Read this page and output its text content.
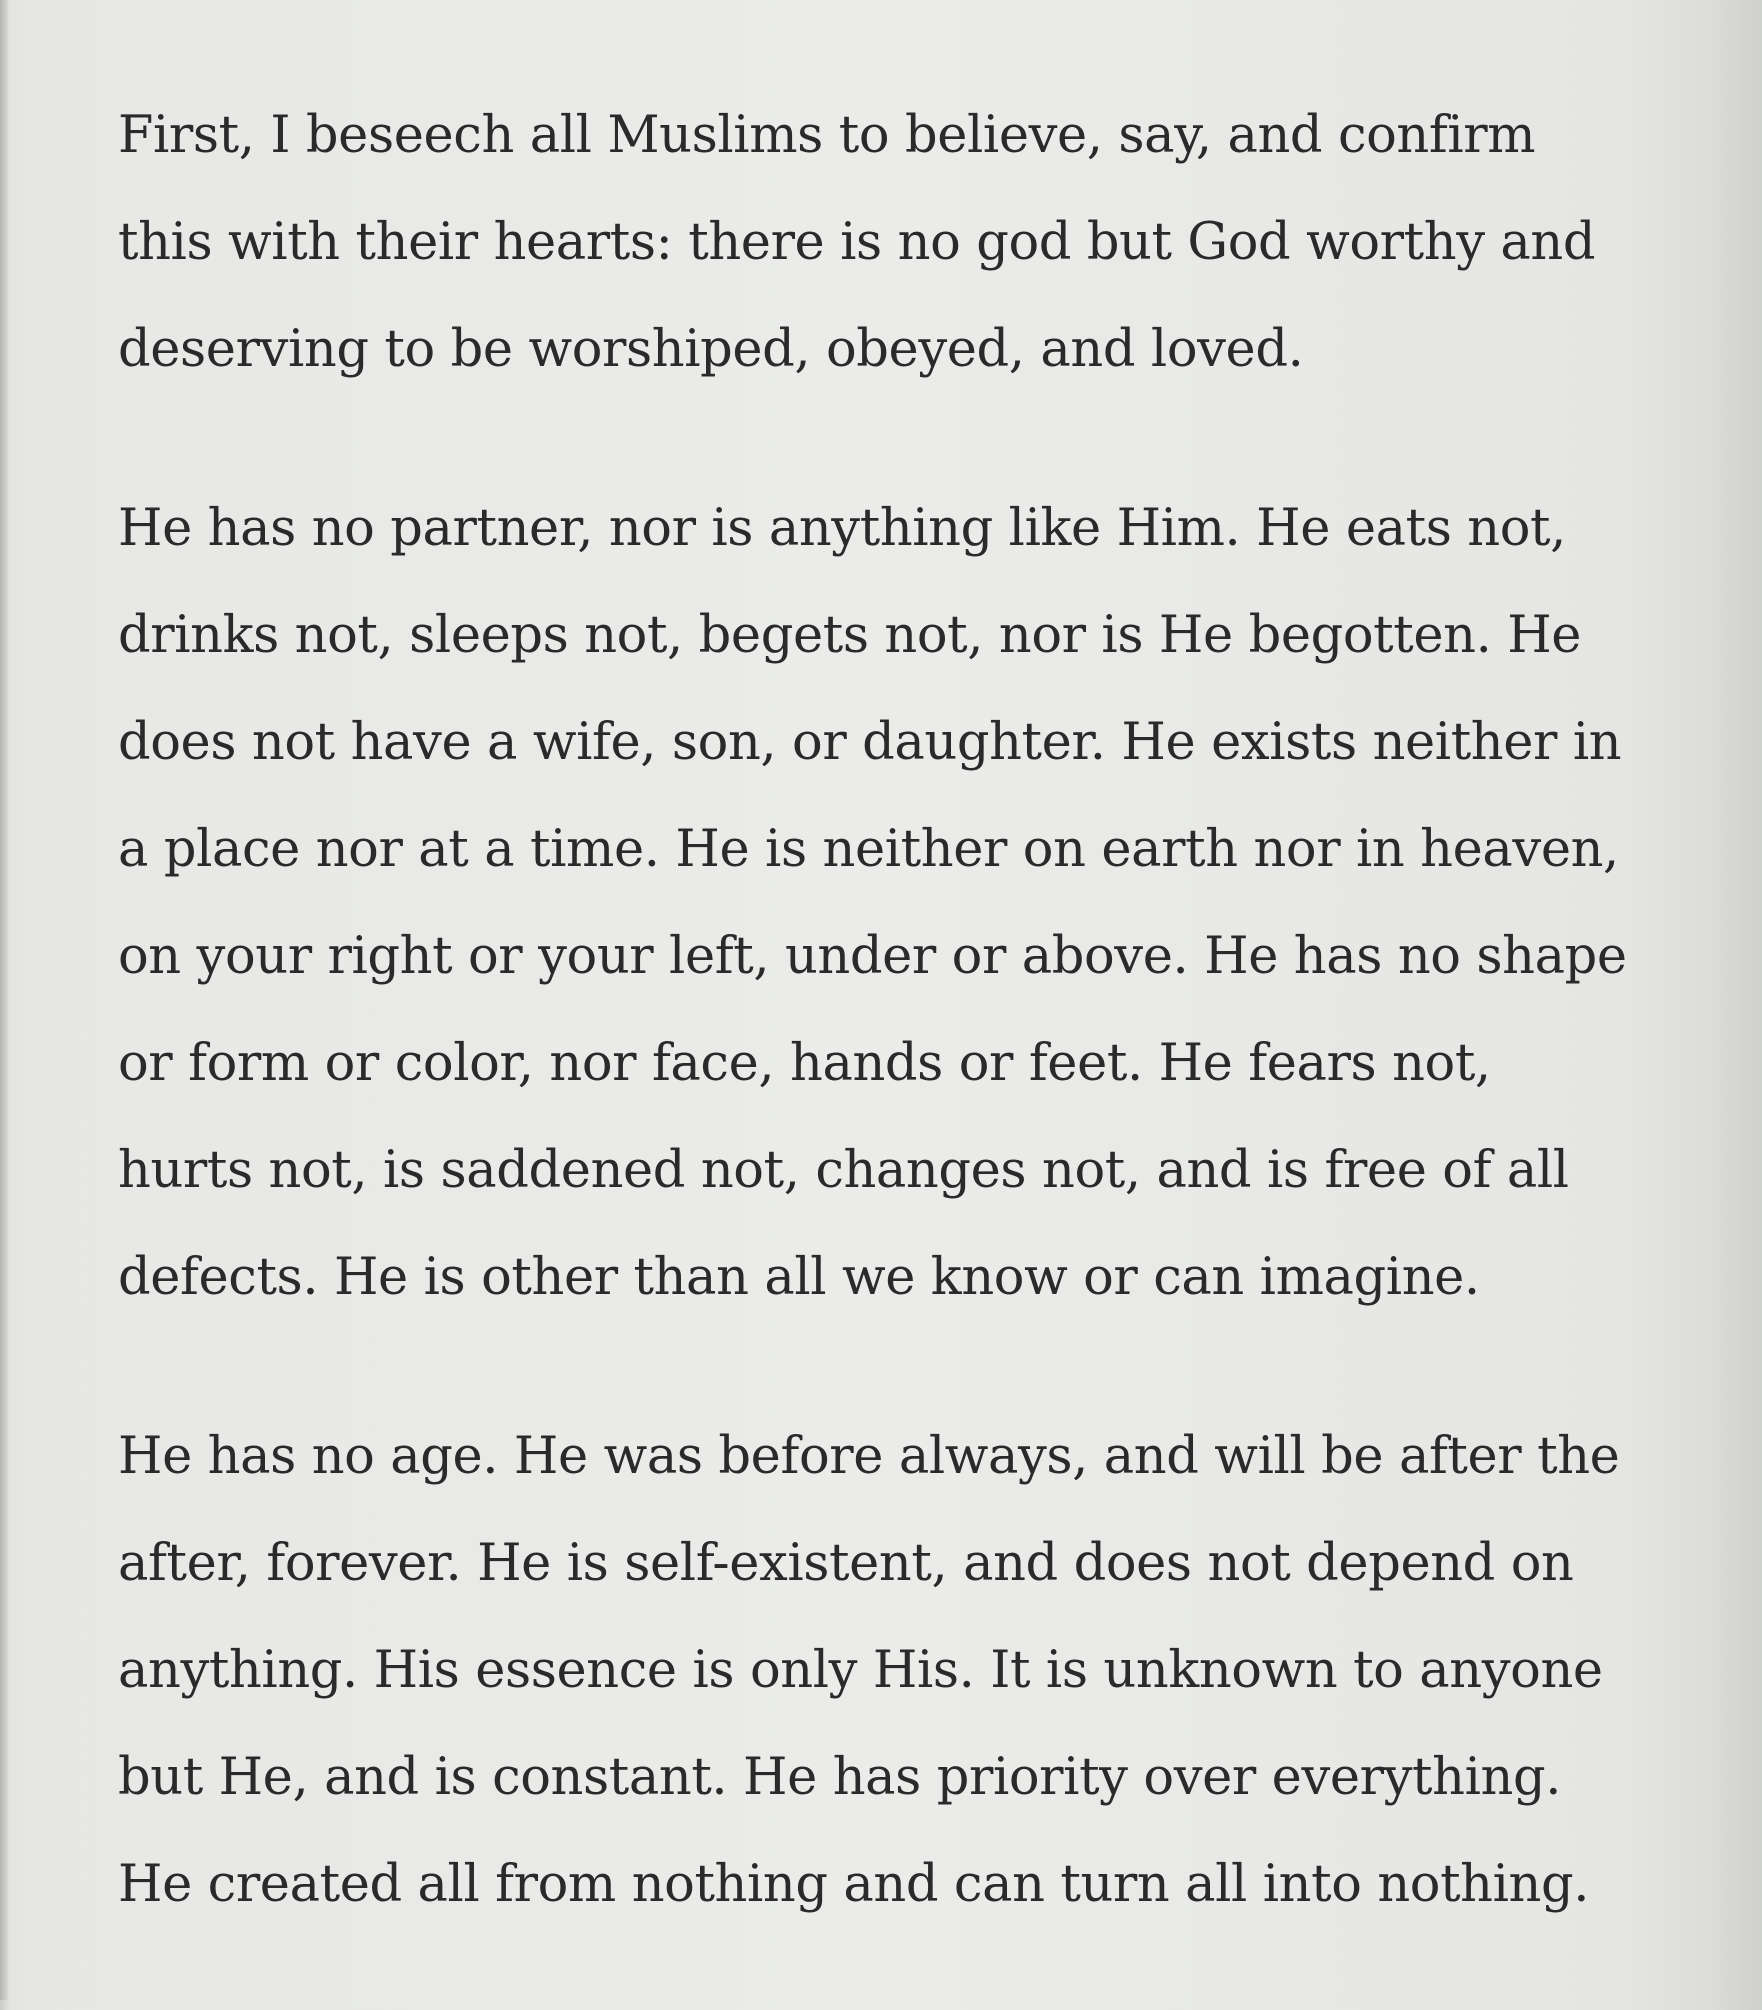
First, I beseech all Muslims to believe, say, and confirm
this with their hearts: there is no god but God worthy and
deserving to be worshiped, obeyed, and loved.

He has no partner, nor is anything like Him. He eats not,
drinks not, sleeps not, begets not, nor is He begotten. He
does not have a wife, son, or daughter. He exists neither in
a place nor at a time. He is neither on earth nor in heaven,
on your right or your left, under or above. He has no shape
or form or color, nor face, hands or feet. He fears not,
hurts not, is saddened not, changes not, and is free of all
defects. He is other than all we know or can imagine.

He has no age. He was before always, and will be after the
after, forever. He is self-existent, and does not depend on
anything. His essence is only His. It is unknown to anyone
but He, and is constant. He has priority over everything.
He created all from nothing and can turn all into nothing.
